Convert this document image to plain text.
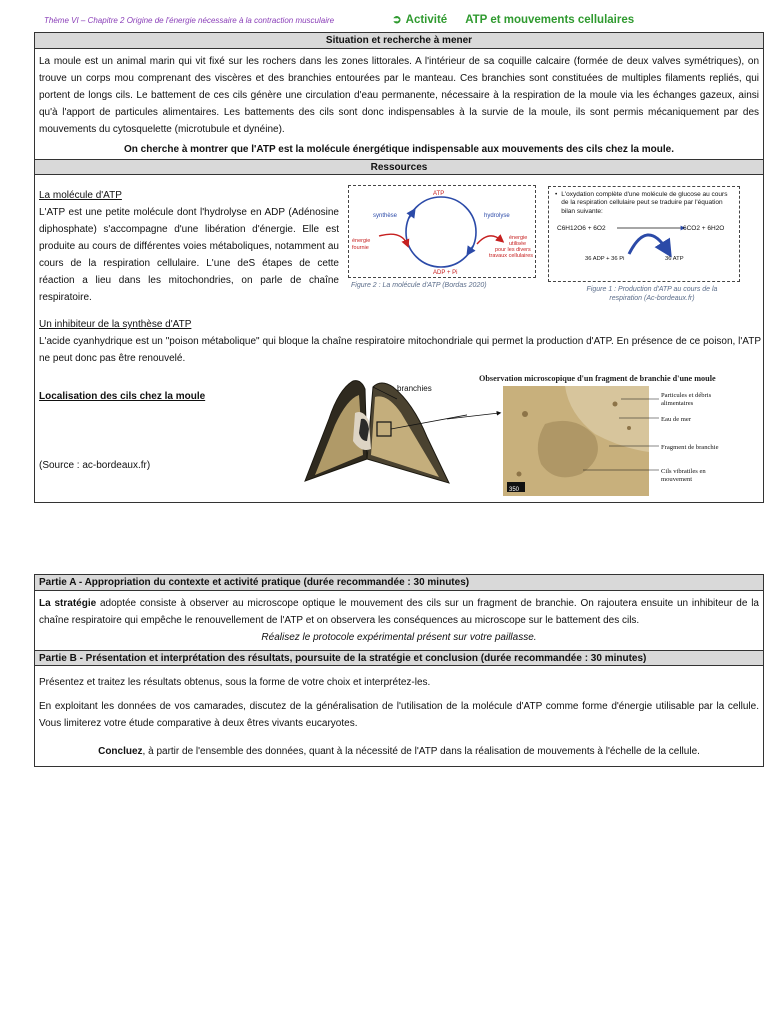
Thème VI – Chapitre 2 Origine de l'énergie nécessaire à la contraction musculaire	➲ Activité ATP et mouvements cellulaires
Situation et recherche à mener
La moule est un animal marin qui vit fixé sur les rochers dans les zones littorales. A l'intérieur de sa coquille calcaire (formée de deux valves symétriques), on trouve un corps mou comprenant des viscères et des branchies entourées par le manteau. Ces branchies sont constituées de multiples filaments repliés, qui portent de longs cils. Le battement de ces cils génère une circulation d'eau permanente, nécessaire à la respiration de la moule via les échanges gazeux, ainsi qu'à l'apport de particules alimentaires. Les battements des cils sont donc indispensables à la survie de la moule, ils sont permis mécaniquement par des mouvements du cytosquelette (microtubule et dynéine).
On cherche à montrer que l'ATP est la molécule énergétique indispensable aux mouvements des cils chez la moule.
Ressources
La molécule d'ATP
L'ATP est une petite molécule dont l'hydrolyse en ADP (Adénosine diphosphate) s'accompagne d'une libération d'énergie. Elle est produite au cours de différentes voies métaboliques, notamment au cours de la respiration cellulaire. L'une deS étapes de cette réaction a lieu dans les mitochondries, on parle de chaîne respiratoire.
ATP
ADP + Pi
synthèse	hydrolyse
énergie
fournie
énergie
utilisée
pour les divers
travaux cellulaires
Figure 2 : La molécule d'ATP (Bordas 2020)
• L'oxydation complète d'une molécule de glucose au cours de la respiration cellulaire peut se traduire par l'équation bilan suivante:
C6H12O6 + 6O2	6CO2 + 6H2O
36 ADP + 36 Pi	36 ATP
Figure 1 : Production d'ATP au cours de la
respiration (Ac-bordeaux.fr)
Un inhibiteur de la synthèse d'ATP
L'acide cyanhydrique est un "poison métabolique" qui bloque la chaîne respiratoire mitochondriale qui permet la production d'ATP. En présence de ce poison, l'ATP ne peut donc pas être renouvelé.
Localisation des cils chez la moule
(Source : ac-bordeaux.fr)
branchies
Observation microscopique d'un fragment de branchie d'une moule
350
Particules et débris
alimentaires
Eau de mer
Fragment de branchie
Cils vibratiles en
mouvement
Partie A - Appropriation du contexte et activité pratique (durée recommandée : 30 minutes)
La stratégie adoptée consiste à observer au microscope optique le mouvement des cils sur un fragment de branchie. On rajoutera ensuite un inhibiteur de la chaîne respiratoire qui empêche le renouvellement de l'ATP et on observera les conséquences au microscope sur le battement des cils.
Réalisez le protocole expérimental présent sur votre paillasse.
Partie B - Présentation et interprétation des résultats, poursuite de la stratégie et conclusion (durée recommandée : 30 minutes)
Présentez et traitez les résultats obtenus, sous la forme de votre choix et interprétez-les.
En exploitant les données de vos camarades, discutez de la généralisation de l'utilisation de la molécule d'ATP comme forme d'énergie utilisable par la cellule. Vous limiterez votre étude comparative à deux êtres vivants eucaryotes.
Concluez, à partir de l'ensemble des données, quant à la nécessité de l'ATP dans la réalisation de mouvements à l'échelle de la cellule.
